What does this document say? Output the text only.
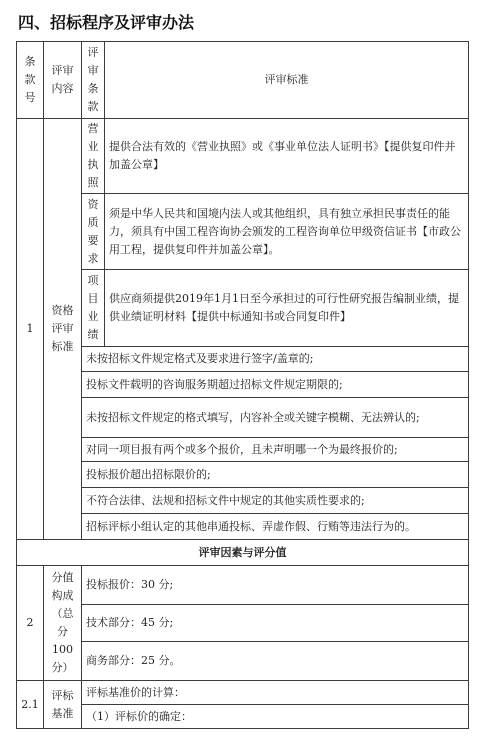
四、招标程序及评审办法
条款号	评审内容	评审条款	评审标准
1	资格评审标准	营业执照	提供合法有效的《营业执照》或《事业单位法人证明书》【提供复印件并加盖公章】
		资质要求	须是中华人民共和国境内法人或其他组织，具有独立承担民事责任的能力，须具有中国工程咨询协会颁发的工程咨询单位甲级资信证书【市政公用工程，提供复印件并加盖公章】。
		项目业绩	供应商须提供2019年1月1日至今承担过的可行性研究报告编制业绩，提供业绩证明材料【提供中标通知书或合同复印件】
		未按招标文件规定格式及要求进行签字/盖章的;	
		投标文件载明的咨询服务期超过招标文件规定期限的;	
		未按招标文件规定的格式填写，内容补全或关键字模糊、无法辨认的;	
		对同一项目报有两个或多个报价，且未声明哪一个为最终报价的;	
		投标报价超出招标限价的;	
		不符合法律、法规和招标文件中规定的其他实质性要求的;	
		招标评标小组认定的其他串通投标、弄虚作假、行贿等违法行为的。	
评审因素与评分值			
2	分值构成（总分100分）	投标报价：30 分;	
		技术部分：45 分;	
		商务部分：25 分。	
2.1	评标基准	评标基准价的计算：	
		（1）评标价的确定：	
